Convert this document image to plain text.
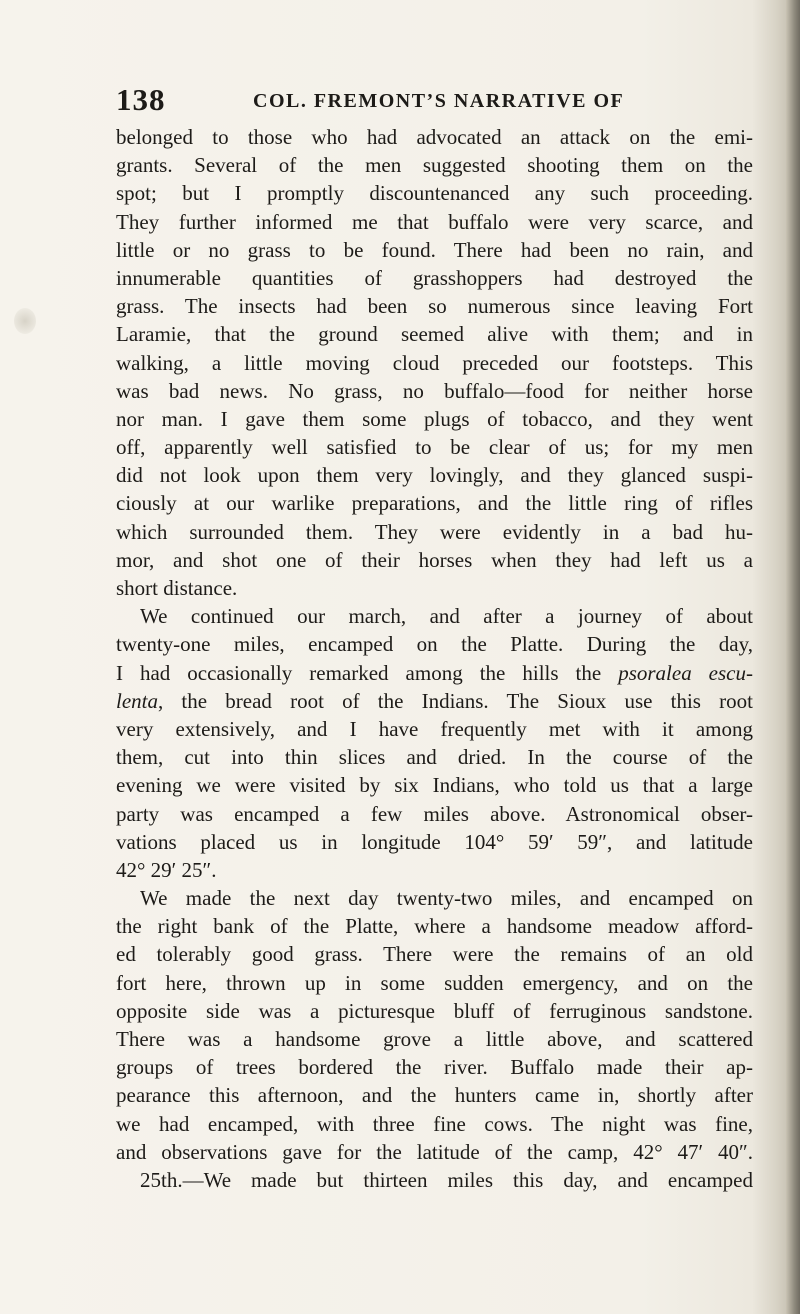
138	COL. FREMONT’S NARRATIVE OF
belonged to those who had advocated an attack on the emi-
grants. Several of the men suggested shooting them on the
spot; but I promptly discountenanced any such proceeding.
They further informed me that buffalo were very scarce, and
little or no grass to be found. There had been no rain, and
innumerable quantities of grasshoppers had destroyed the
grass. The insects had been so numerous since leaving Fort
Laramie, that the ground seemed alive with them; and in
walking, a little moving cloud preceded our footsteps. This
was bad news. No grass, no buffalo—food for neither horse
nor man. I gave them some plugs of tobacco, and they went
off, apparently well satisfied to be clear of us; for my men
did not look upon them very lovingly, and they glanced suspi-
ciously at our warlike preparations, and the little ring of rifles
which surrounded them. They were evidently in a bad hu-
mor, and shot one of their horses when they had left us a
short distance.
We continued our march, and after a journey of about
twenty-one miles, encamped on the Platte. During the day,
I had occasionally remarked among the hills the psoralea escu-
lenta, the bread root of the Indians. The Sioux use this root
very extensively, and I have frequently met with it among
them, cut into thin slices and dried. In the course of the
evening we were visited by six Indians, who told us that a large
party was encamped a few miles above. Astronomical obser-
vations placed us in longitude 104° 59′ 59″, and latitude
42° 29′ 25″.
We made the next day twenty-two miles, and encamped on
the right bank of the Platte, where a handsome meadow afford-
ed tolerably good grass. There were the remains of an old
fort here, thrown up in some sudden emergency, and on the
opposite side was a picturesque bluff of ferruginous sandstone.
There was a handsome grove a little above, and scattered
groups of trees bordered the river. Buffalo made their ap-
pearance this afternoon, and the hunters came in, shortly after
we had encamped, with three fine cows. The night was fine,
and observations gave for the latitude of the camp, 42° 47′ 40″.
25th.—We made but thirteen miles this day, and encamped
